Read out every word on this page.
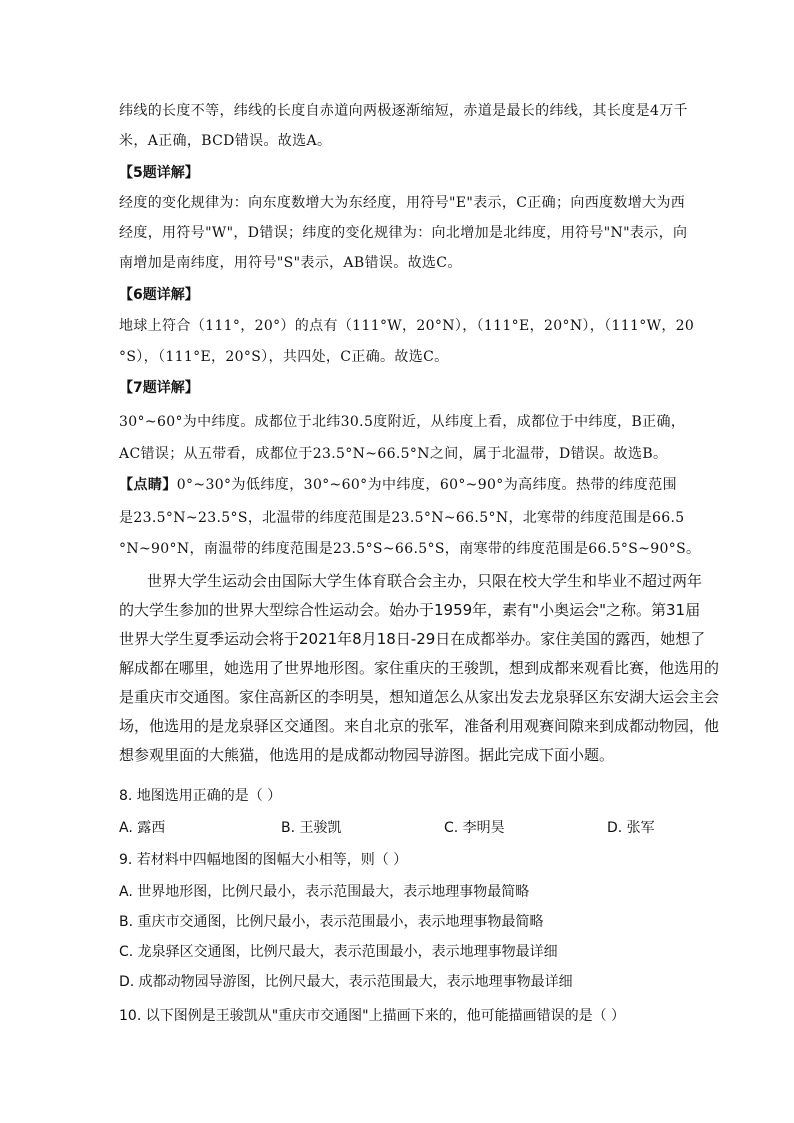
纬线的长度不等，纬线的长度自赤道向两极逐渐缩短，赤道是最长的纬线，其长度是4万千
米，A正确，BCD错误。故选A。
【5题详解】
经度的变化规律为：向东度数增大为东经度，用符号"E"表示，C正确；向西度数增大为西
经度，用符号"W"，D错误；纬度的变化规律为：向北增加是北纬度，用符号"N"表示，向
南增加是南纬度，用符号"S"表示，AB错误。故选C。
【6题详解】
地球上符合（111°，20°）的点有（111°W，20°N），（111°E，20°N），（111°W，20
°S），（111°E，20°S），共四处，C正确。故选C。
【7题详解】
30°~60°为中纬度。成都位于北纬30.5度附近，从纬度上看，成都位于中纬度，B正确，
AC错误；从五带看，成都位于23.5°N~66.5°N之间，属于北温带，D错误。故选B。
【点睛】0°~30°为低纬度，30°~60°为中纬度，60°~90°为高纬度。热带的纬度范围
是23.5°N~23.5°S，北温带的纬度范围是23.5°N~66.5°N，北寒带的纬度范围是66.5
°N~90°N，南温带的纬度范围是23.5°S~66.5°S，南寒带的纬度范围是66.5°S~90°S。
世界大学生运动会由国际大学生体育联合会主办，只限在校大学生和毕业不超过两年
的大学生参加的世界大型综合性运动会。始办于1959年，素有"小奥运会"之称。第31届
世界大学生夏季运动会将于2021年8月18日-29日在成都举办。家住美国的露西，她想了
解成都在哪里，她选用了世界地形图。家住重庆的王骏凯，想到成都来观看比赛，他选用的
是重庆市交通图。家住高新区的李明昊，想知道怎么从家出发去龙泉驿区东安湖大运会主会
场，他选用的是龙泉驿区交通图。来自北京的张军，准备利用观赛间隙来到成都动物园，他
想参观里面的大熊猫，他选用的是成都动物园导游图。据此完成下面小题。
8. 地图选用正确的是（ ）
A. 露西	B. 王骏凯	C. 李明昊	D. 张军
9. 若材料中四幅地图的图幅大小相等，则（ ）
A. 世界地形图，比例尺最小，表示范围最大，表示地理事物最简略
B. 重庆市交通图，比例尺最小，表示范围最小，表示地理事物最简略
C. 龙泉驿区交通图，比例尺最大，表示范围最小，表示地理事物最详细
D. 成都动物园导游图，比例尺最大，表示范围最大，表示地理事物最详细
10. 以下图例是王骏凯从"重庆市交通图"上描画下来的，他可能描画错误的是（ ）
